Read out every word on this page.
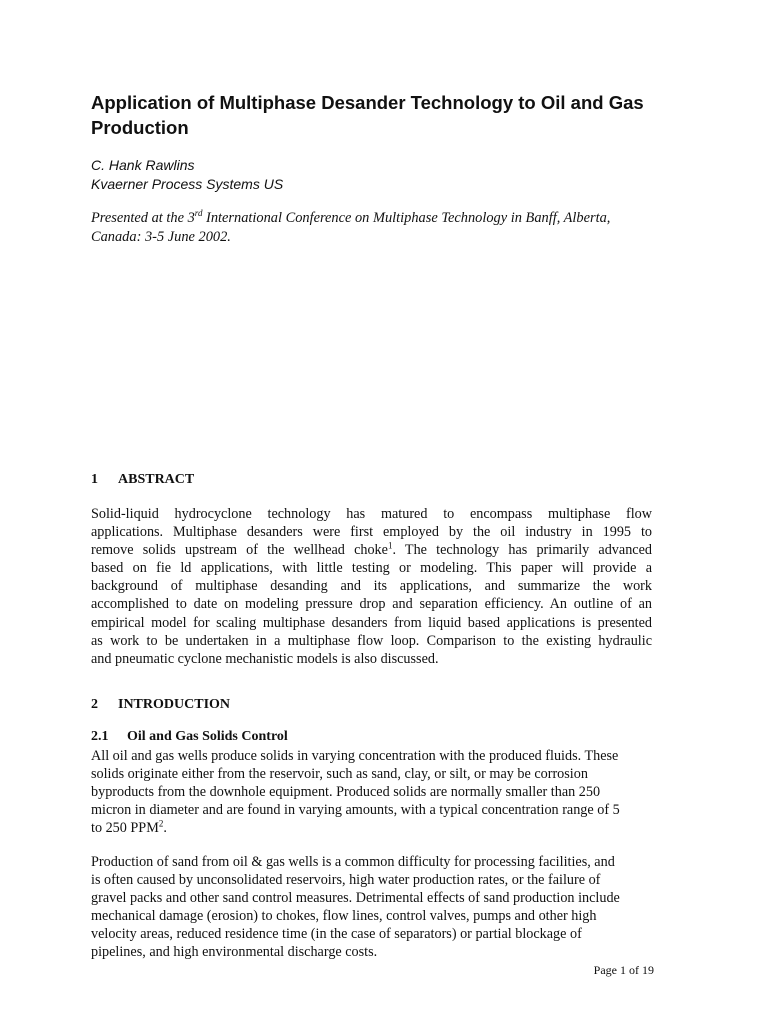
Application of Multiphase Desander Technology to Oil and Gas Production
C. Hank Rawlins
Kvaerner Process Systems US
Presented at the 3rd International Conference on Multiphase Technology in Banff, Alberta,
Canada: 3-5 June 2002.
1 ABSTRACT
Solid-liquid hydrocyclone technology has matured to encompass multiphase flow
applications. Multiphase desanders were first employed by the oil industry in 1995 to
remove solids upstream of the wellhead choke$^1$. The technology has primarily advanced
based on fie ld applications, with little testing or modeling. This paper will provide a
background of multiphase desanding and its applications, and summarize the work
accomplished to date on modeling pressure drop and separation efficiency. An outline of an
empirical model for scaling multiphase desanders from liquid based applications is presented
as work to be undertaken in a multiphase flow loop. Comparison to the existing hydraulic
and pneumatic cyclone mechanistic models is also discussed.
2 INTRODUCTION
2.1 Oil and Gas Solids Control
All oil and gas wells produce solids in varying concentration with the produced fluids. These
solids originate either from the reservoir, such as sand, clay, or silt, or may be corrosion
byproducts from the downhole equipment. Produced solids are normally smaller than 250
micron in diameter and are found in varying amounts, with a typical concentration range of 5
to 250 PPM$^2$.
Production of sand from oil & gas wells is a common difficulty for processing facilities, and
is often caused by unconsolidated reservoirs, high water production rates, or the failure of
gravel packs and other sand control measures. Detrimental effects of sand production include
mechanical damage (erosion) to chokes, flow lines, control valves, pumps and other high
velocity areas, reduced residence time (in the case of separators) or partial blockage of
pipelines, and high environmental discharge costs.
Page 1 of 19
